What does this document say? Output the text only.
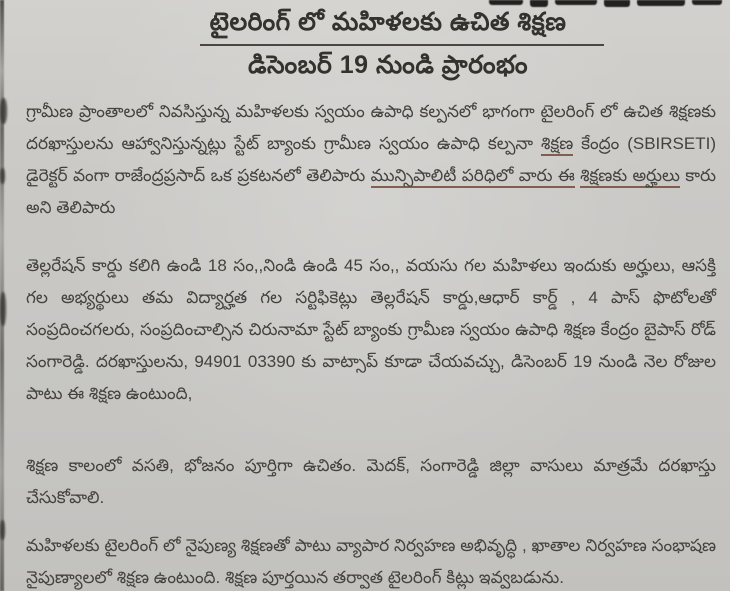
టైలరింగ్ లో మహిళలకు ఉచిత శిక్షణ
డిసెంబర్ 19 నుండి ప్రారంభం

గ్రామీణ ప్రాంతాలలో నివసిస్తున్న మహిళలకు స్వయం ఉపాధి కల్పనలో భాగంగా టైలరింగ్ లో ఉచిత శిక్షణకు దరఖాస్తులను ఆహ్వానిస్తున్నట్లు స్టేట్ బ్యాంకు గ్రామీణ స్వయం ఉపాధి కల్పనా శిక్షణ కేంద్రం (SBIRSETI) డైరెక్టర్ వంగా రాజేంద్రప్రసాద్ ఒక ప్రకటనలో తెలిపారు మున్సిపాలిటీ పరిధిలో వారు ఈ శిక్షణకు అర్హులు కారు అని తెలిపారు

తెల్లరేషన్ కార్డు కలిగి ఉండి 18 సం,,నిండి ఉండి 45 సం,, వయసు గల మహిళలు ఇందుకు అర్హులు, ఆసక్తి గల అభ్యర్థులు తమ విద్యార్హత గల సర్టిఫికెట్లు తెల్లరేషన్ కార్డు,ఆధార్ కార్డ్ , 4 పాస్ ఫొటోలతో సంప్రదించగలరు, సంప్రదించాల్సిన చిరునామా స్టేట్ బ్యాంకు గ్రామీణ స్వయం ఉపాధి శిక్షణ కేంద్రం బైపాస్ రోడ్ సంగారెడ్డి. దరఖాస్తులను, 94901 03390 కు వాట్సాప్ కూడా చేయవచ్చు, డిసెంబర్ 19 నుండి నెల రోజుల పాటు ఈ శిక్షణ ఉంటుంది,

శిక్షణ కాలంలో వసతి, భోజనం పూర్తిగా ఉచితం. మెదక్, సంగారెడ్డి జిల్లా వాసులు మాత్రమే దరఖాస్తు చేసుకోవాలి.

మహిళలకు టైలరింగ్ లో నైపుణ్య శిక్షణతో పాటు వ్యాపార నిర్వహణ అభివృద్ధి , ఖాతాల నిర్వహణ సంభాషణ నైపుణ్యాలలో శిక్షణ ఉంటుంది. శిక్షణ పూర్తయిన తర్వాత టైలరింగ్ కిట్లు ఇవ్వబడును.
